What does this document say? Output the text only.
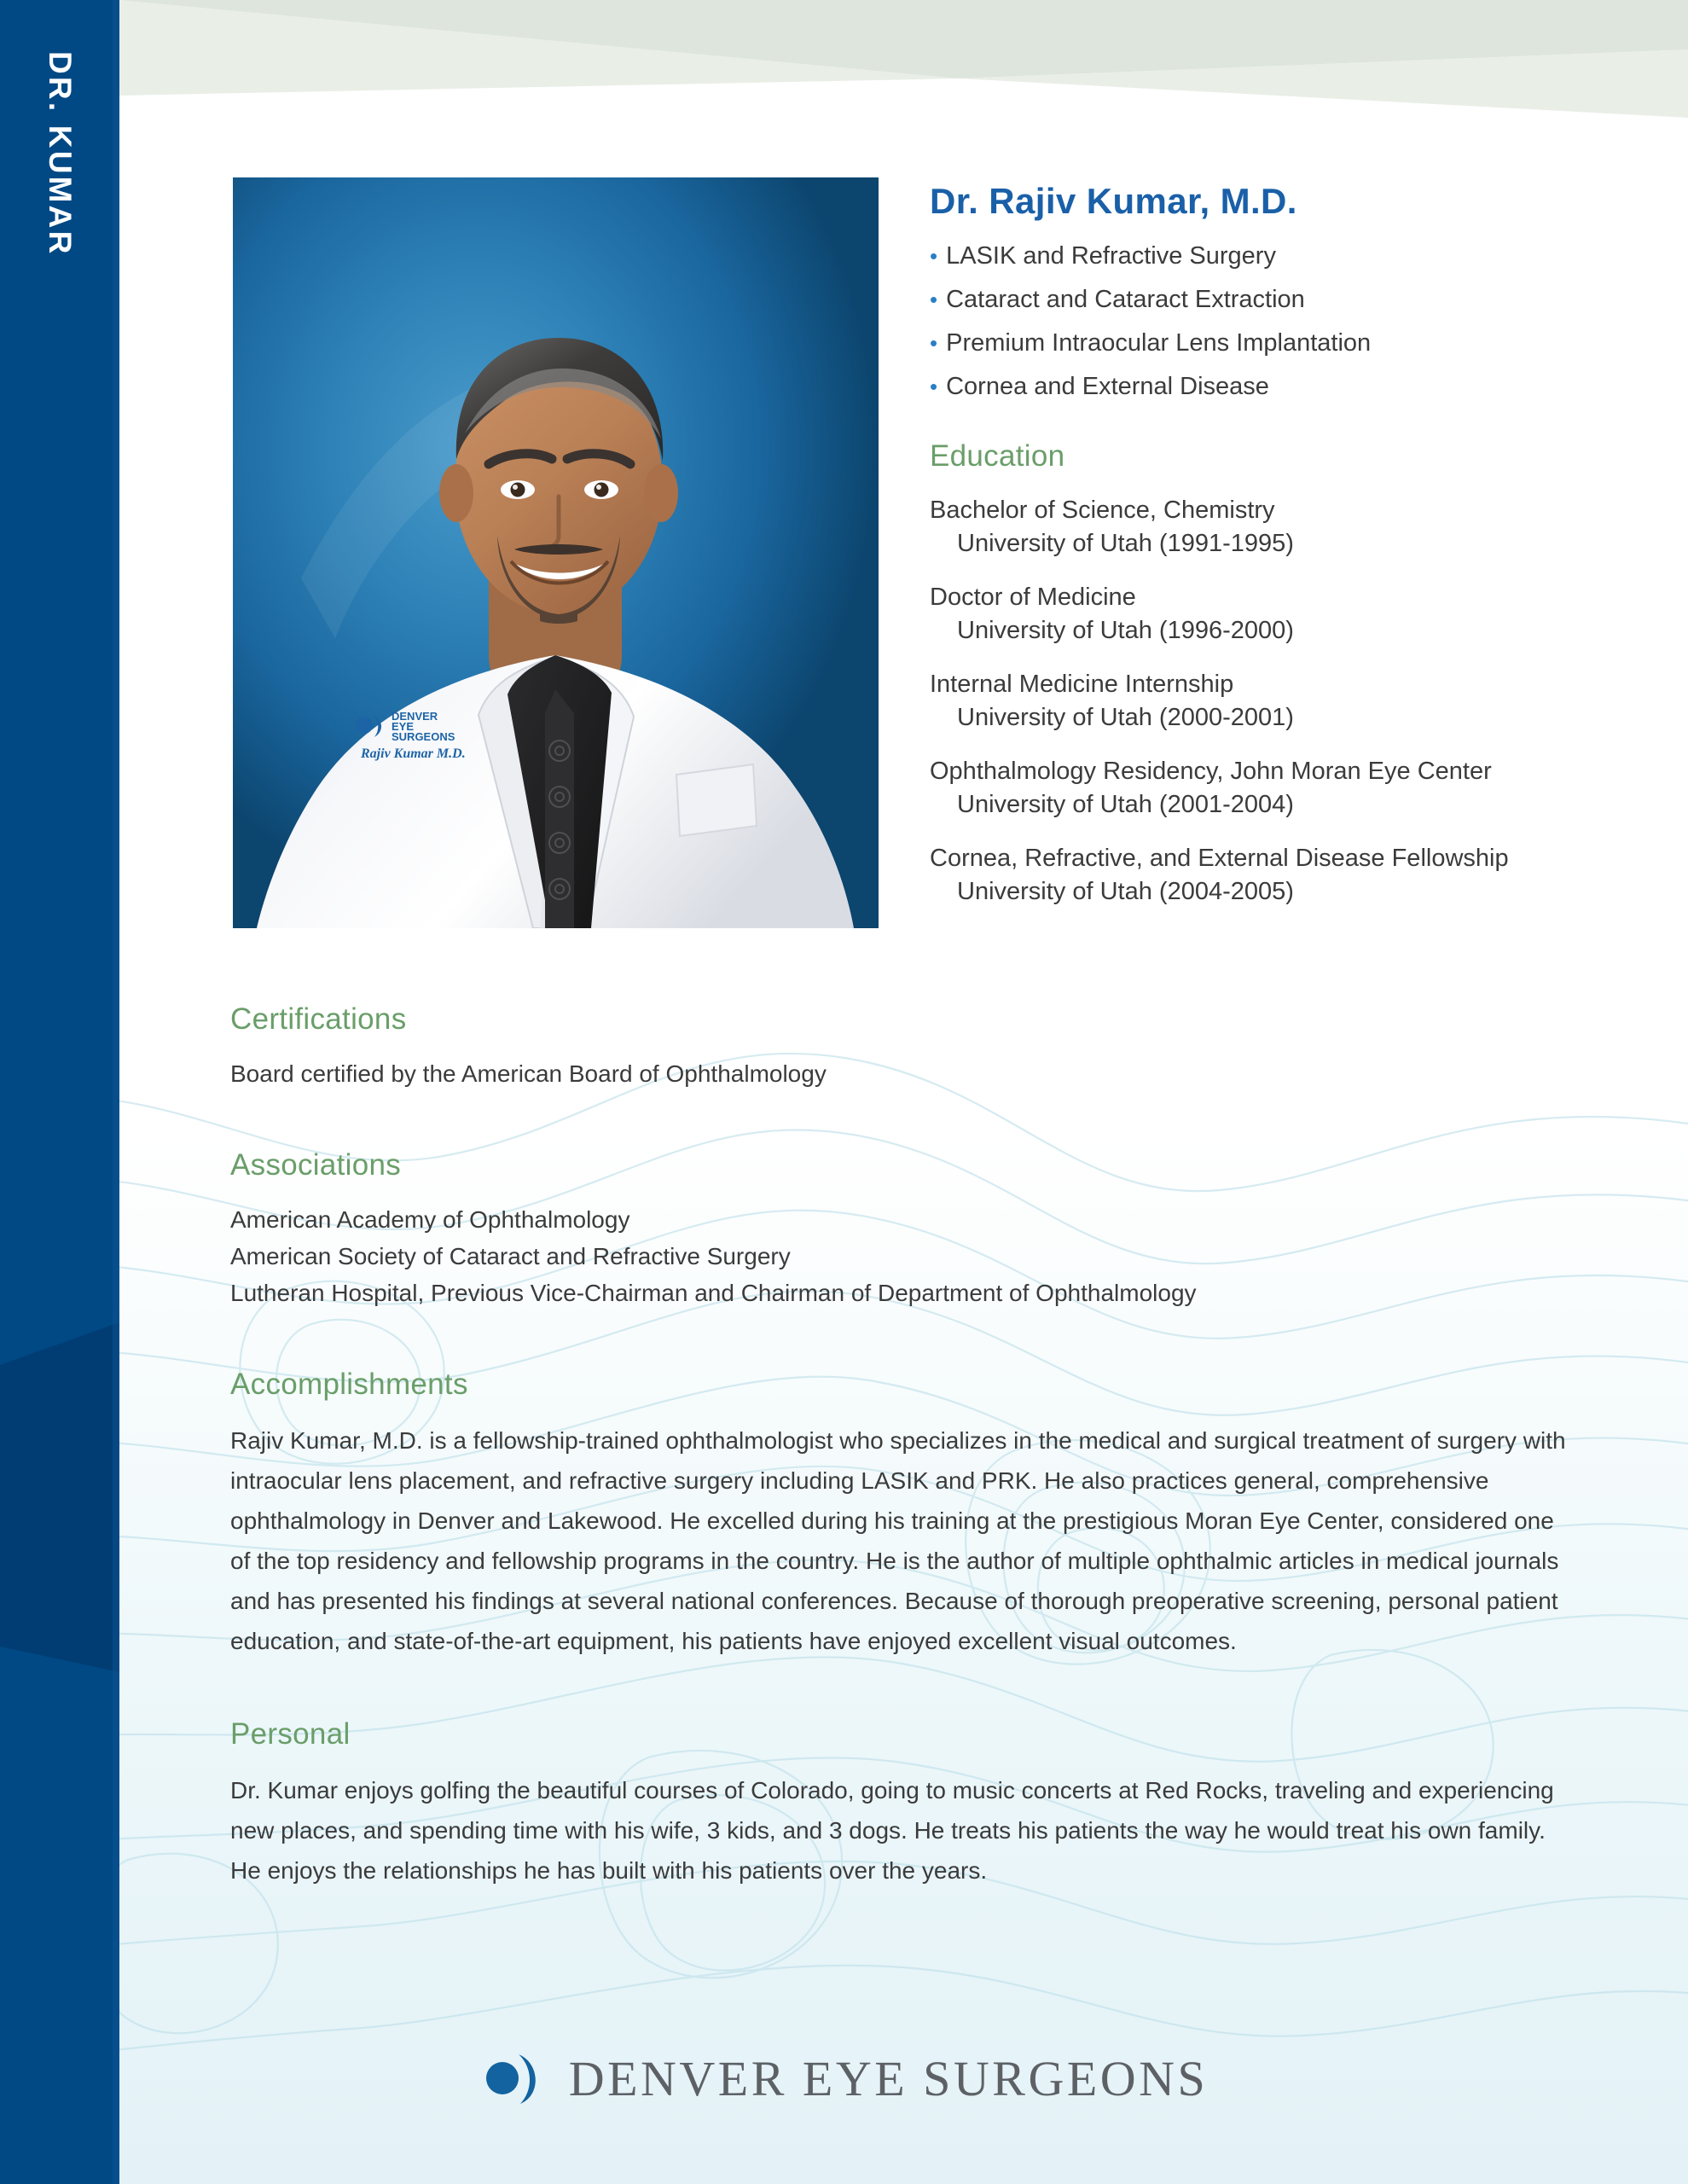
DR. KUMAR
DENVER
EYE
SURGEONS
Rajiv Kumar M.D.
Dr. Rajiv Kumar, M.D.
• LASIK and Refractive Surgery
• Cataract and Cataract Extraction
• Premium Intraocular Lens Implantation
• Cornea and External Disease
Education
Bachelor of Science, Chemistry
University of Utah (1991-1995)
Doctor of Medicine
University of Utah (1996-2000)
Internal Medicine Internship
University of Utah (2000-2001)
Ophthalmology Residency, John Moran Eye Center
University of Utah (2001-2004)
Cornea, Refractive, and External Disease Fellowship
University of Utah (2004-2005)
Certifications
Board certified by the American Board of Ophthalmology
Associations
American Academy of Ophthalmology
American Society of Cataract and Refractive Surgery
Lutheran Hospital, Previous Vice-Chairman and Chairman of Department of Ophthalmology
Accomplishments
Rajiv Kumar, M.D. is a fellowship-trained ophthalmologist who specializes in the medical and surgical treatment of surgery with intraocular lens placement, and refractive surgery including LASIK and PRK. He also practices general, comprehensive ophthalmology in Denver and Lakewood. He excelled during his training at the prestigious Moran Eye Center, considered one of the top residency and fellowship programs in the country. He is the author of multiple ophthalmic articles in medical journals and has presented his findings at several national conferences. Because of thorough preoperative screening, personal patient education, and state-of-the-art equipment, his patients have enjoyed excellent visual outcomes.
Personal
Dr. Kumar enjoys golfing the beautiful courses of Colorado, going to music concerts at Red Rocks, traveling and experiencing new places, and spending time with his wife, 3 kids, and 3 dogs. He treats his patients the way he would treat his own family. He enjoys the relationships he has built with his patients over the years.
DENVER EYE SURGEONS
